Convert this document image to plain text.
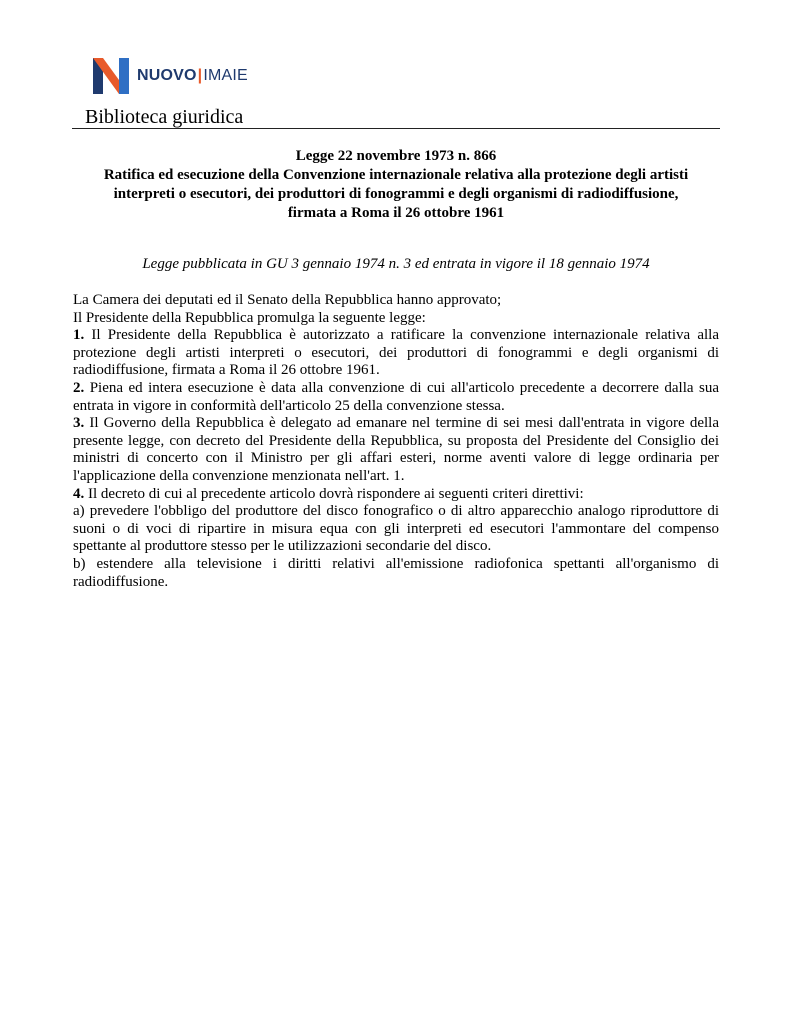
NUOVO|IMAIE
Biblioteca giuridica
Legge 22 novembre 1973 n. 866
Ratifica ed esecuzione della Convenzione internazionale relativa alla protezione degli artisti
interpreti o esecutori, dei produttori di fonogrammi e degli organismi di radiodiffusione,
firmata a Roma il 26 ottobre 1961
Legge pubblicata in GU 3 gennaio 1974 n. 3 ed entrata in vigore il 18 gennaio 1974

La Camera dei deputati ed il Senato della Repubblica hanno approvato;

Il Presidente della Repubblica promulga la seguente legge:

1. Il Presidente della Repubblica è autorizzato a ratificare la convenzione internazionale relativa alla protezione degli artisti interpreti o esecutori, dei produttori di fonogrammi e degli organismi di radiodiffusione, firmata a Roma il 26 ottobre 1961.

2. Piena ed intera esecuzione è data alla convenzione di cui all'articolo precedente a decorrere dalla sua entrata in vigore in conformità dell'articolo 25 della convenzione stessa.

3. Il Governo della Repubblica è delegato ad emanare nel termine di sei mesi dall'entrata in vigore della presente legge, con decreto del Presidente della Repubblica, su proposta del Presidente del Consiglio dei ministri di concerto con il Ministro per gli affari esteri, norme aventi valore di legge ordinaria per l'applicazione della convenzione menzionata nell'art. 1.

4. Il decreto di cui al precedente articolo dovrà rispondere ai seguenti criteri direttivi:

a) prevedere l'obbligo del produttore del disco fonografico o di altro apparecchio analogo riproduttore di suoni o di voci di ripartire in misura equa con gli interpreti ed esecutori l'ammontare del compenso spettante al produttore stesso per le utilizzazioni secondarie del disco.

b) estendere alla televisione i diritti relativi all'emissione radiofonica spettanti all'organismo di radiodiffusione.
